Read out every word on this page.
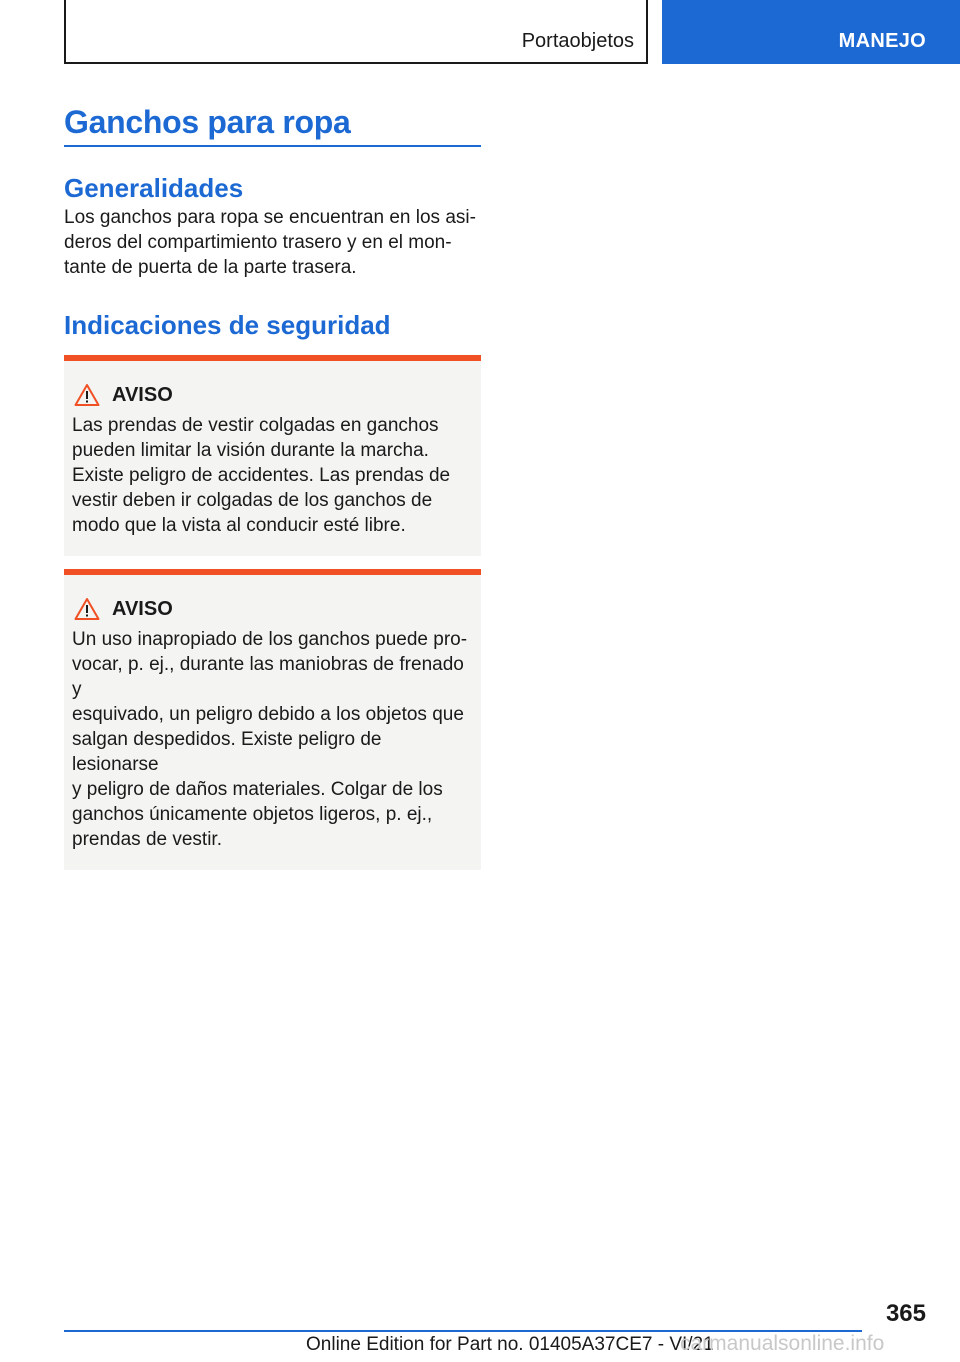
Portaobjetos	MANEJO
Ganchos para ropa
Generalidades

Los ganchos para ropa se encuentran en los asi-
deros del compartimiento trasero y en el mon-
tante de puerta de la parte trasera.

Indicaciones de seguridad
AVISO

Las prendas de vestir colgadas en ganchos
pueden limitar la visión durante la marcha.
Existe peligro de accidentes. Las prendas de
vestir deben ir colgadas de los ganchos de
modo que la vista al conducir esté libre.

AVISO

Un uso inapropiado de los ganchos puede pro-
vocar, p. ej., durante las maniobras de frenado y
esquivado, un peligro debido a los objetos que
salgan despedidos. Existe peligro de lesionarse
y peligro de daños materiales. Colgar de los
ganchos únicamente objetos ligeros, p. ej.,
prendas de vestir.

365
Online Edition for Part no. 01405A37CE7 - VI/21
carmanualsonline.info
